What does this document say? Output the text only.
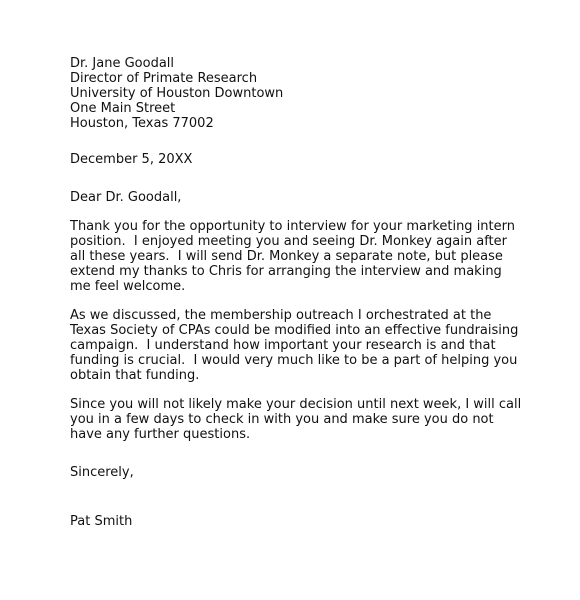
Dr. Jane Goodall
Director of Primate Research
University of Houston Downtown
One Main Street
Houston, Texas 77002
December 5, 20XX
Dear Dr. Goodall,
Thank you for the opportunity to interview for your marketing intern
position.  I enjoyed meeting you and seeing Dr. Monkey again after
all these years.  I will send Dr. Monkey a separate note, but please
extend my thanks to Chris for arranging the interview and making
me feel welcome.
As we discussed, the membership outreach I orchestrated at the
Texas Society of CPAs could be modified into an effective fundraising
campaign.  I understand how important your research is and that
funding is crucial.  I would very much like to be a part of helping you
obtain that funding.
Since you will not likely make your decision until next week, I will call
you in a few days to check in with you and make sure you do not
have any further questions.
Sincerely,
Pat Smith
